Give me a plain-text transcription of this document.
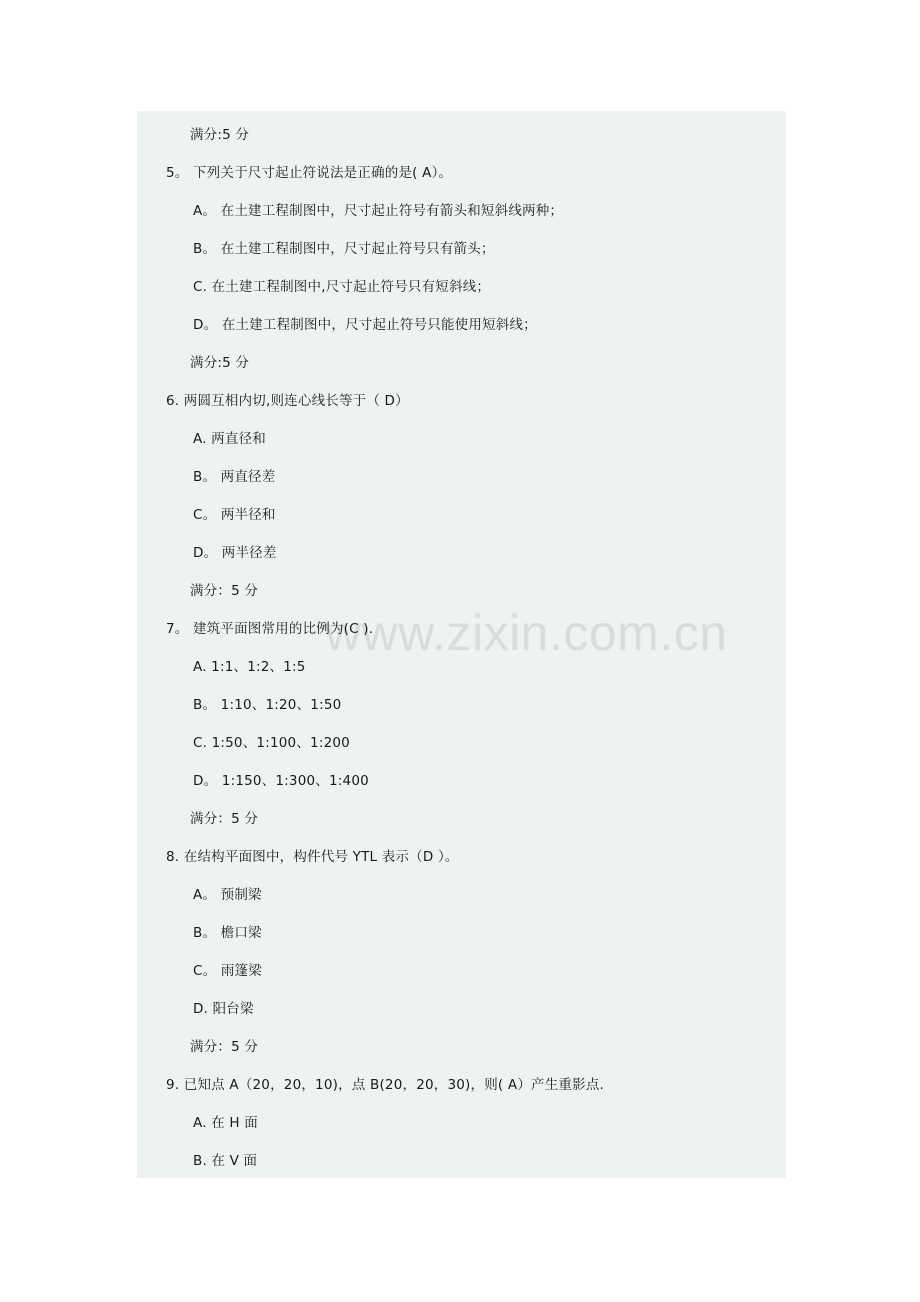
www.zixin.com.cn
满分:5 分
5。 下列关于尺寸起止符说法是正确的是( A）。
A。 在土建工程制图中，尺寸起止符号有箭头和短斜线两种；
B。 在土建工程制图中，尺寸起止符号只有箭头；
C. 在土建工程制图中,尺寸起止符号只有短斜线；
D。 在土建工程制图中，尺寸起止符号只能使用短斜线；
满分:5 分
6. 两圆互相内切,则连心线长等于（ D）
A. 两直径和
B。 两直径差
C。 两半径和
D。 两半径差
满分：5 分
7。 建筑平面图常用的比例为(C ).
A. 1:1、1:2、1:5
B。 1:10、1:20、1:50
C. 1:50、1:100、1:200
D。 1:150、1:300、1:400
满分：5 分
8. 在结构平面图中，构件代号 YTL 表示（D ）。
A。 预制梁
B。 檐口梁
C。 雨篷梁
D. 阳台梁
满分：5 分
9. 已知点 A（20，20，10)，点 B(20，20，30)，则( A）产生重影点.
A. 在 H 面
B. 在 V 面
